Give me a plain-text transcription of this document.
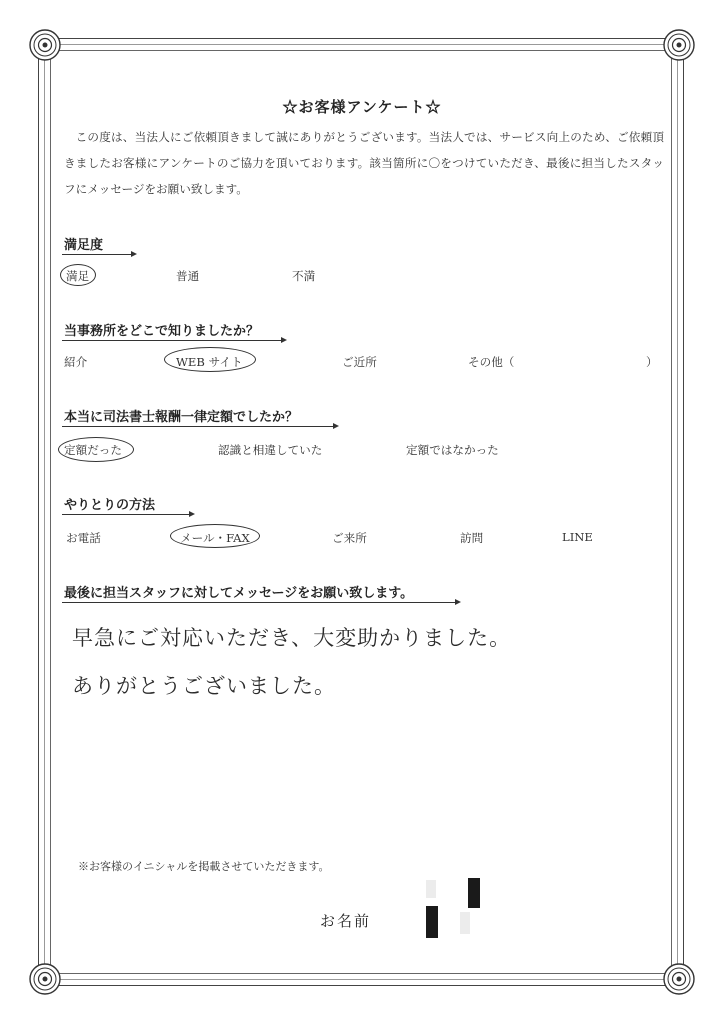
☆お客様アンケート☆

この度は、当法人にご依頼頂きまして誠にありがとうございます。当法人では、サービス向上のため、ご依頼頂きましたお客様にアンケートのご協力を頂いております。該当箇所に〇をつけていただき、最後に担当したスタッフにメッセージをお願い致します。

満足度
満足	普通	不満
当事務所をどこで知りましたか？
紹介	WEB サイト	ご近所	その他（	）
本当に司法書士報酬一律定額でしたか？
定額だった	認識と相違していた	定額ではなかった
やりとりの方法
お電話	メール・FAX	ご来所	訪問	LINE
最後に担当スタッフに対してメッセージをお願い致します。
早急にご対応いただき、大変助かりました。
ありがとうございました。
※お客様のイニシャルを掲載させていただきます。
お名前
